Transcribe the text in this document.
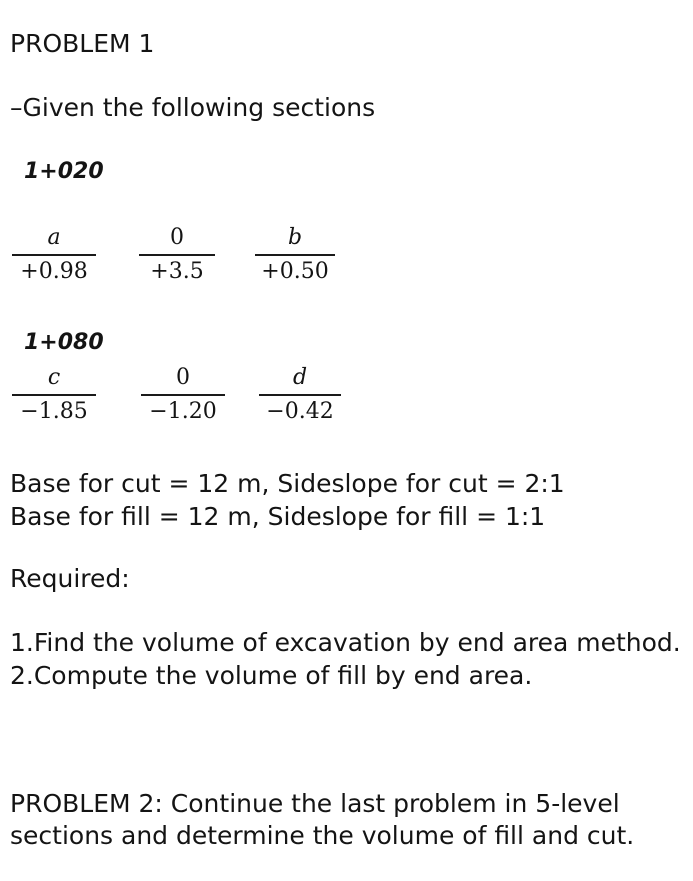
PROBLEM 1

–Given the following sections

1+020
a
+0.98
0
+3.5
b
+0.50
1+080
c
−1.85
0
−1.20
d
−0.42

Base for cut = 12 m, Sideslope for cut = 2:1

Base for fill = 12 m, Sideslope for fill = 1:1

Required:

1.Find the volume of excavation by end area method.

2.Compute the volume of fill by end area.

PROBLEM 2: Continue the last problem in 5-level

sections and determine the volume of fill and cut.
